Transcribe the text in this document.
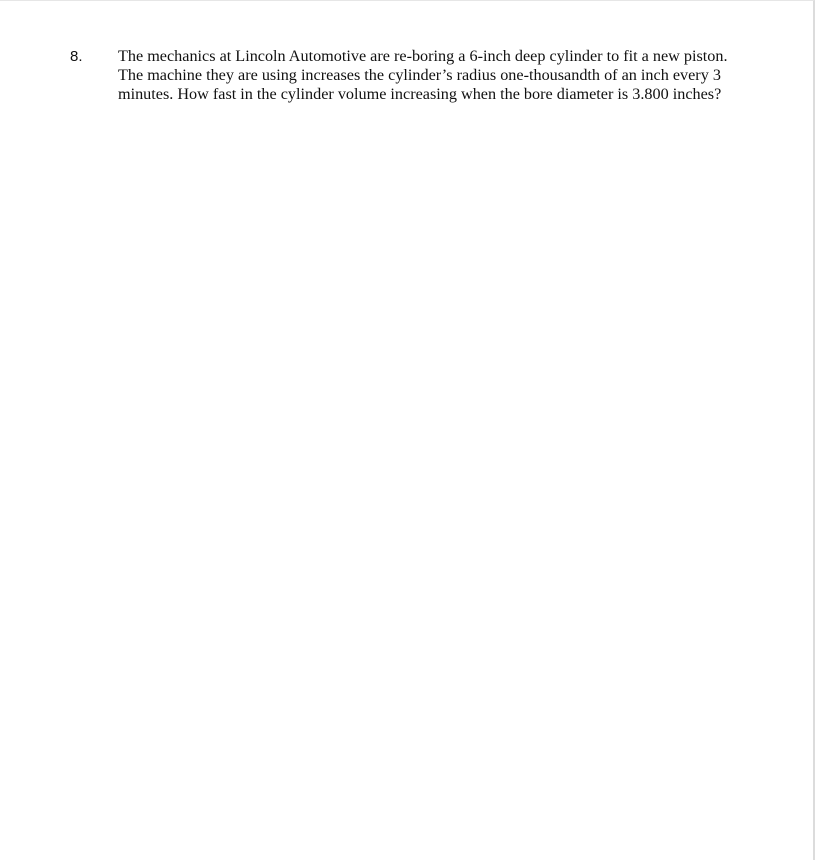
8. The mechanics at Lincoln Automotive are re-boring a 6-inch deep cylinder to fit a new piston.
The machine they are using increases the cylinder’s radius one-thousandth of an inch every 3
minutes. How fast in the cylinder volume increasing when the bore diameter is 3.800 inches?
